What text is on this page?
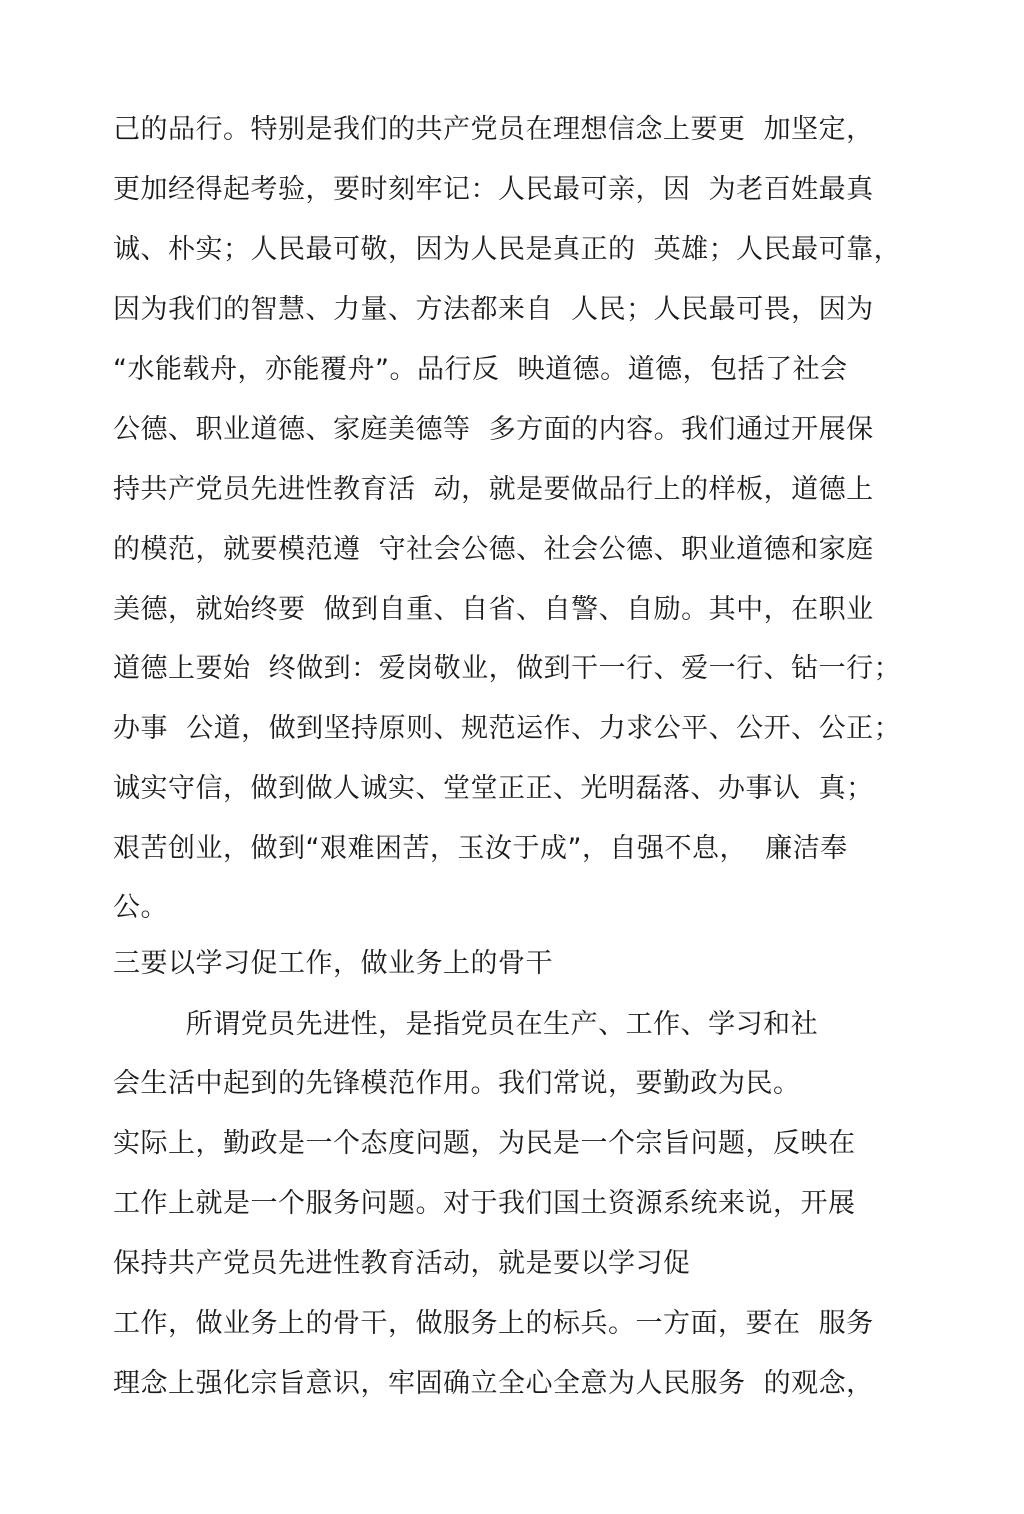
己的品行。特别是我们的共产党员在理想信念上要更  加坚定，

更加经得起考验，要时刻牢记：人民最可亲，因  为老百姓最真

诚、朴实；人民最可敬，因为人民是真正的  英雄；人民最可靠，

因为我们的智慧、力量、方法都来自  人民；人民最可畏，因为

“水能载舟，亦能覆舟”。品行反  映道德。道德，包括了社会

公德、职业道德、家庭美德等  多方面的内容。我们通过开展保

持共产党员先进性教育活  动，就是要做品行上的样板，道德上

的模范，就要模范遵  守社会公德、社会公德、职业道德和家庭

美德，就始终要  做到自重、自省、自警、自励。其中，在职业

道德上要始  终做到：爱岗敬业，做到干一行、爱一行、钻一行；

办事  公道，做到坚持原则、规范运作、力求公平、公开、公正；

诚实守信，做到做人诚实、堂堂正正、光明磊落、办事认  真；

艰苦创业，做到“艰难困苦，玉汝于成”，自强不息，  廉洁奉

公。

三要以学习促工作，做业务上的骨干

所谓党员先进性，是指党员在生产、工作、学习和社

会生活中起到的先锋模范作用。我们常说，要勤政为民。

实际上，勤政是一个态度问题，为民是一个宗旨问题，反映在

工作上就是一个服务问题。对于我们国土资源系统来说，开展

保持共产党员先进性教育活动，就是要以学习促

工作，做业务上的骨干，做服务上的标兵。一方面，要在  服务

理念上强化宗旨意识，牢固确立全心全意为人民服务  的观念，
